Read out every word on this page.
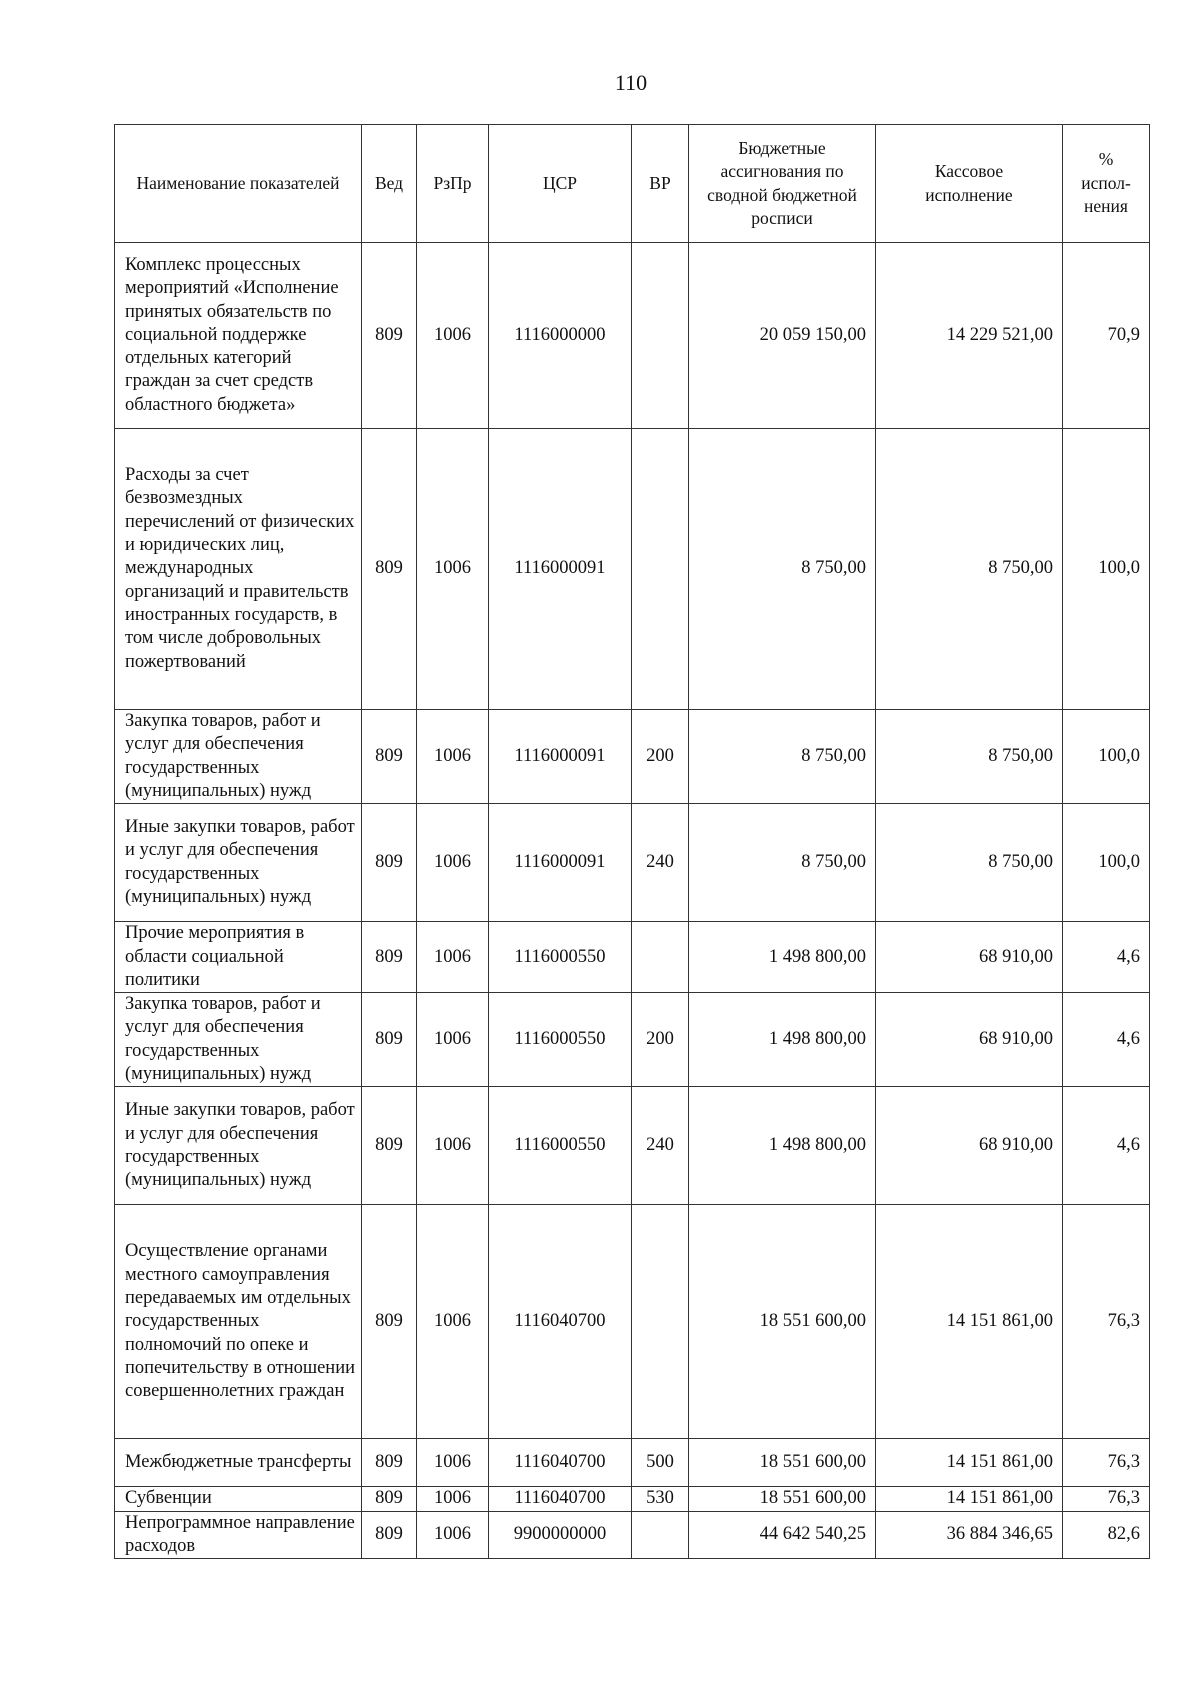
110
Наименование показателей	Вед	РзПр	ЦСР	ВР	Бюджетные ассигнования по сводной бюджетной росписи	Кассовое исполнение	% испол-нения
Комплекс процессных мероприятий «Исполнение принятых обязательств по социальной поддержке отдельных категорий граждан за счет средств областного бюджета»	809	1006	1116000000		20 059 150,00	14 229 521,00	70,9
Расходы за счет безвозмездных перечислений от физических и юридических лиц, международных организаций и правительств иностранных государств, в том числе добровольных пожертвований	809	1006	1116000091		8 750,00	8 750,00	100,0
Закупка товаров, работ и услуг для обеспечения государственных (муниципальных) нужд	809	1006	1116000091	200	8 750,00	8 750,00	100,0
Иные закупки товаров, работ и услуг для обеспечения государственных (муниципальных) нужд	809	1006	1116000091	240	8 750,00	8 750,00	100,0
Прочие мероприятия в области социальной политики	809	1006	1116000550		1 498 800,00	68 910,00	4,6
Закупка товаров, работ и услуг для обеспечения государственных (муниципальных) нужд	809	1006	1116000550	200	1 498 800,00	68 910,00	4,6
Иные закупки товаров, работ и услуг для обеспечения государственных (муниципальных) нужд	809	1006	1116000550	240	1 498 800,00	68 910,00	4,6
Осуществление органами местного самоуправления передаваемых им отдельных государственных полномочий по опеке и попечительству в отношении совершеннолетних граждан	809	1006	1116040700		18 551 600,00	14 151 861,00	76,3
Межбюджетные трансферты	809	1006	1116040700	500	18 551 600,00	14 151 861,00	76,3
Субвенции	809	1006	1116040700	530	18 551 600,00	14 151 861,00	76,3
Непрограммное направление расходов	809	1006	9900000000		44 642 540,25	36 884 346,65	82,6
